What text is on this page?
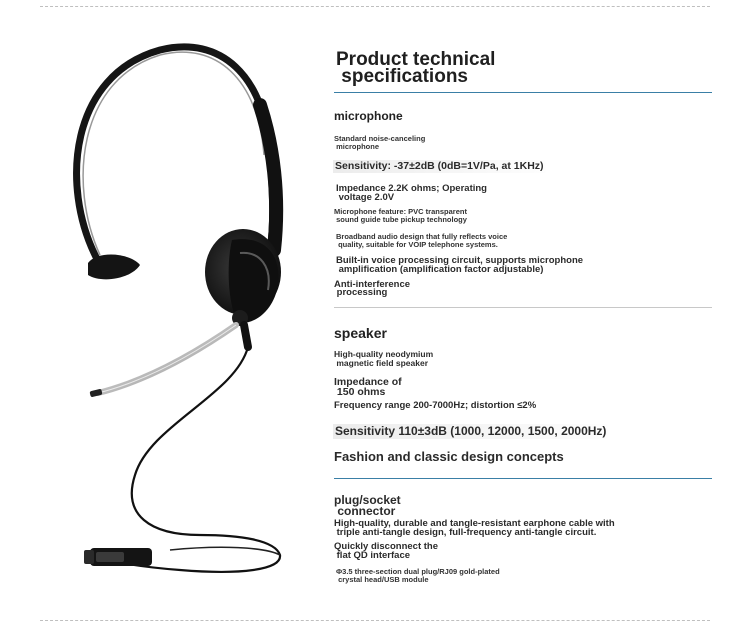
Product technical
specifications
microphone
Standard noise-canceling
microphone
Sensitivity: -37±2dB (0dB=1V/Pa, at 1KHz)
Impedance 2.2K ohms; Operating
voltage 2.0V
Microphone feature: PVC transparent
sound guide tube pickup technology
Broadband audio design that fully reflects voice
quality, suitable for VOIP telephone systems.
Built-in voice processing circuit, supports microphone
amplification (amplification factor adjustable)
Anti-interference
processing
speaker
High-quality neodymium
magnetic field speaker
Impedance of
150 ohms
Frequency range 200-7000Hz; distortion ≤2%
Sensitivity 110±3dB (1000, 12000, 1500, 2000Hz)
Fashion and classic design concepts
plug/socket
connector
High-quality, durable and tangle-resistant earphone cable with
triple anti-tangle design, full-frequency anti-tangle circuit.
Quickly disconnect the
flat QD interface
Φ3.5 three-section dual plug/RJ09 gold-plated
crystal head/USB module
